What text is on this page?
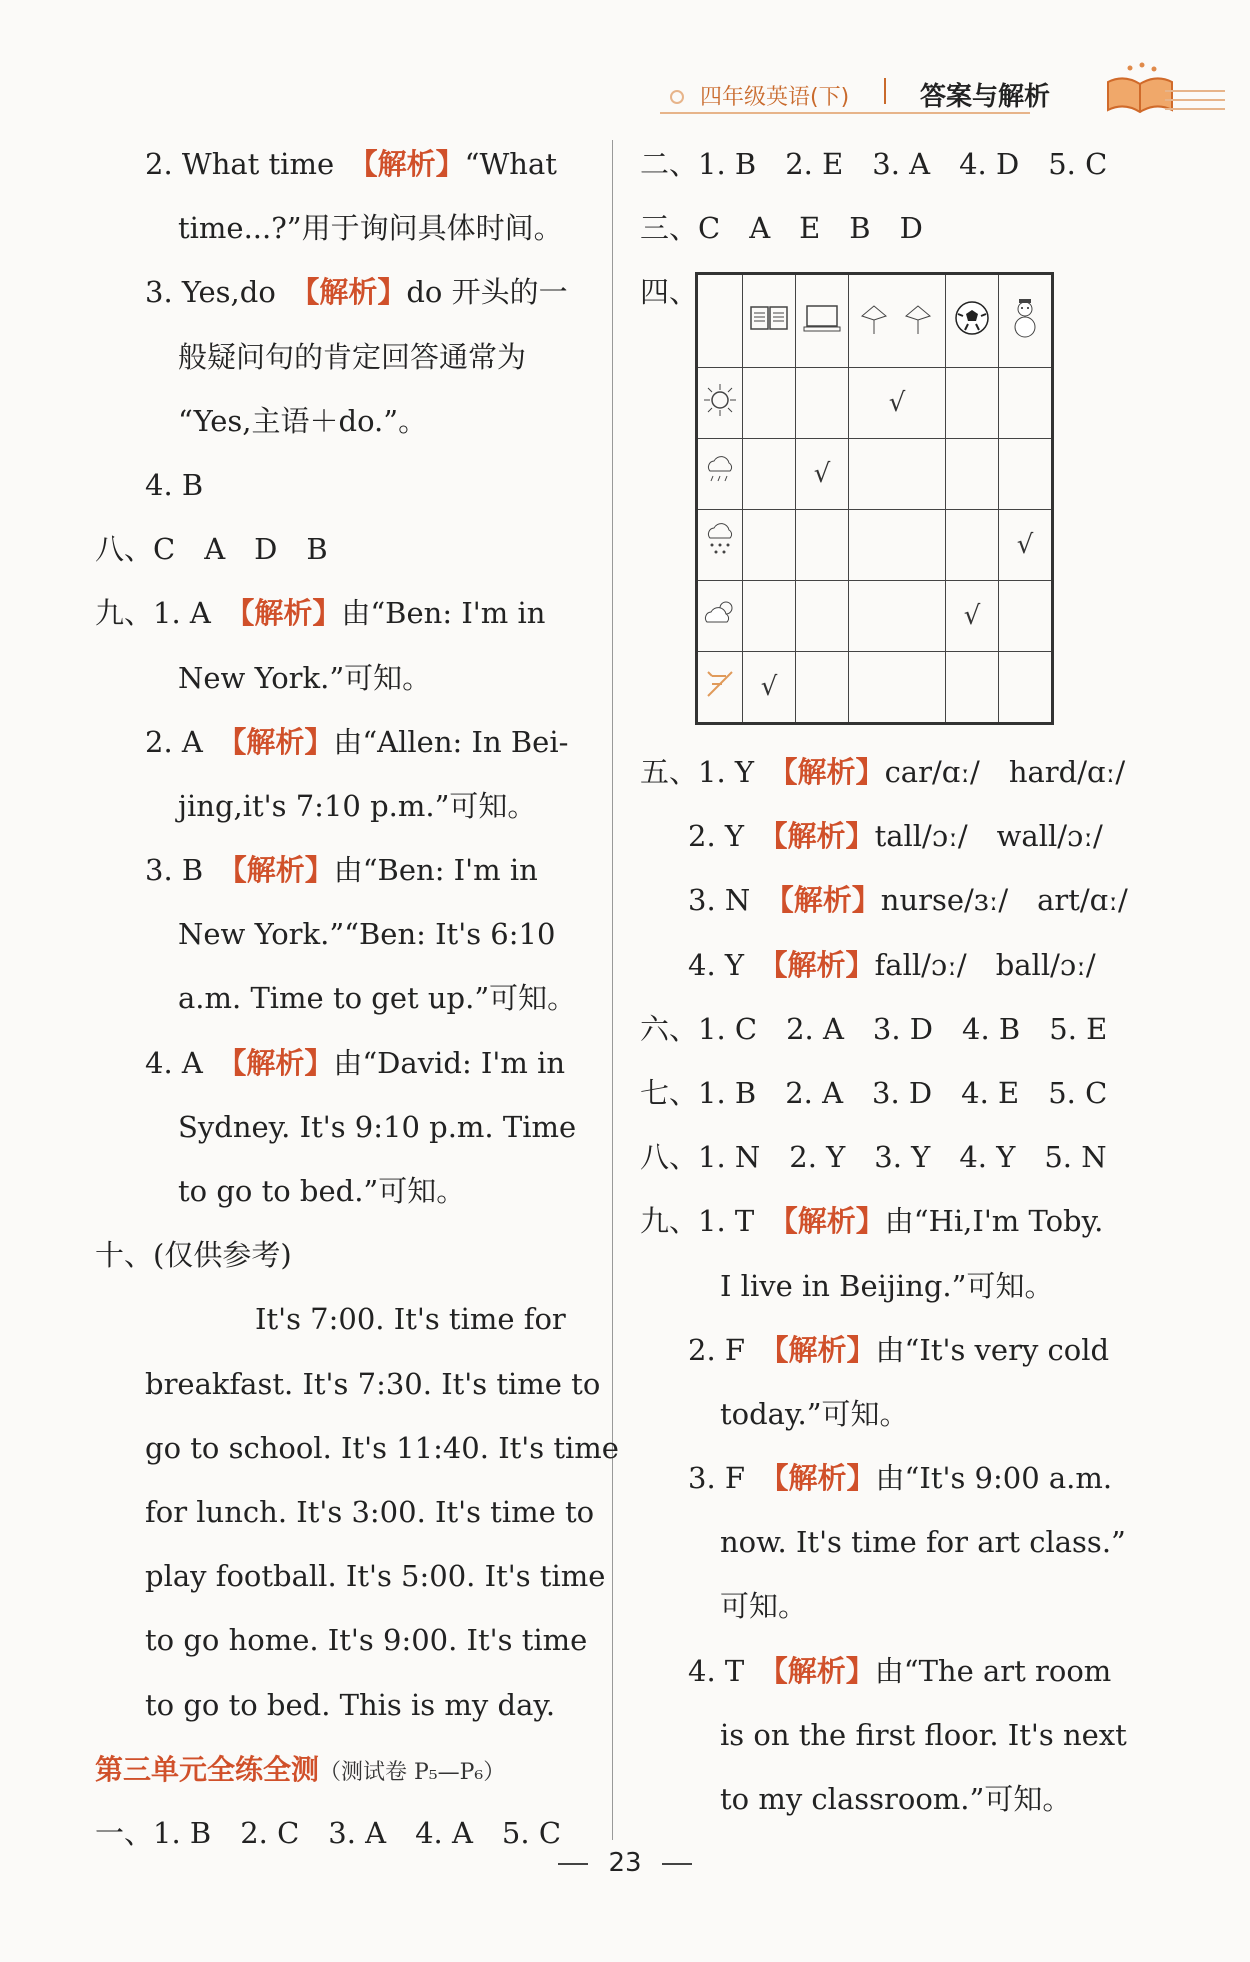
四年级英语(下)	答案与解析
2. What time　【解析】“What
time...?”用于询问具体时间。
3. Yes,do　【解析】do 开头的一
般疑问句的肯定回答通常为
“Yes,主语＋do.”。
4. B
八、C　A　D　B
九、1. A　【解析】由“Ben: I'm in
New York.”可知。
2. A　【解析】由“Allen: In Bei-
jing,it's 7:10 p.m.”可知。
3. B　【解析】由“Ben: I'm in
New York.”“Ben: It's 6:10
a.m. Time to get up.”可知。
4. A　【解析】由“David: I'm in
Sydney. It's 9:10 p.m. Time
to go to bed.”可知。
十、(仅供参考)
It's 7:00. It's time for
breakfast. It's 7:30. It's time to
go to school. It's 11:40. It's time
for lunch. It's 3:00. It's time to
play football. It's 5:00. It's time
to go home. It's 9:00. It's time
to go to bed. This is my day.
第三单元全练全测（测试卷 P₅—P₆）
一、1. B　2. C　3. A　4. A　5. C
二、1. B　2. E　3. A　4. D　5. C
三、C　A　E　B　D
四、

			√		
		√			
					√
				√	
	√				
五、1. Y　【解析】car/ɑː/　hard/ɑː/
2. Y　【解析】tall/ɔː/　wall/ɔː/
3. N　【解析】nurse/ɜː/　art/ɑː/
4. Y　【解析】fall/ɔː/　ball/ɔː/
六、1. C　2. A　3. D　4. B　5. E
七、1. B　2. A　3. D　4. E　5. C
八、1. N　2. Y　3. Y　4. Y　5. N
九、1. T　【解析】由“Hi,I'm Toby.
I live in Beijing.”可知。
2. F　【解析】由“It's very cold
today.”可知。
3. F　【解析】由“It's 9:00 a.m.
now. It's time for art class.”
可知。
4. T　【解析】由“The art room
is on the first floor. It's next
to my classroom.”可知。
23
